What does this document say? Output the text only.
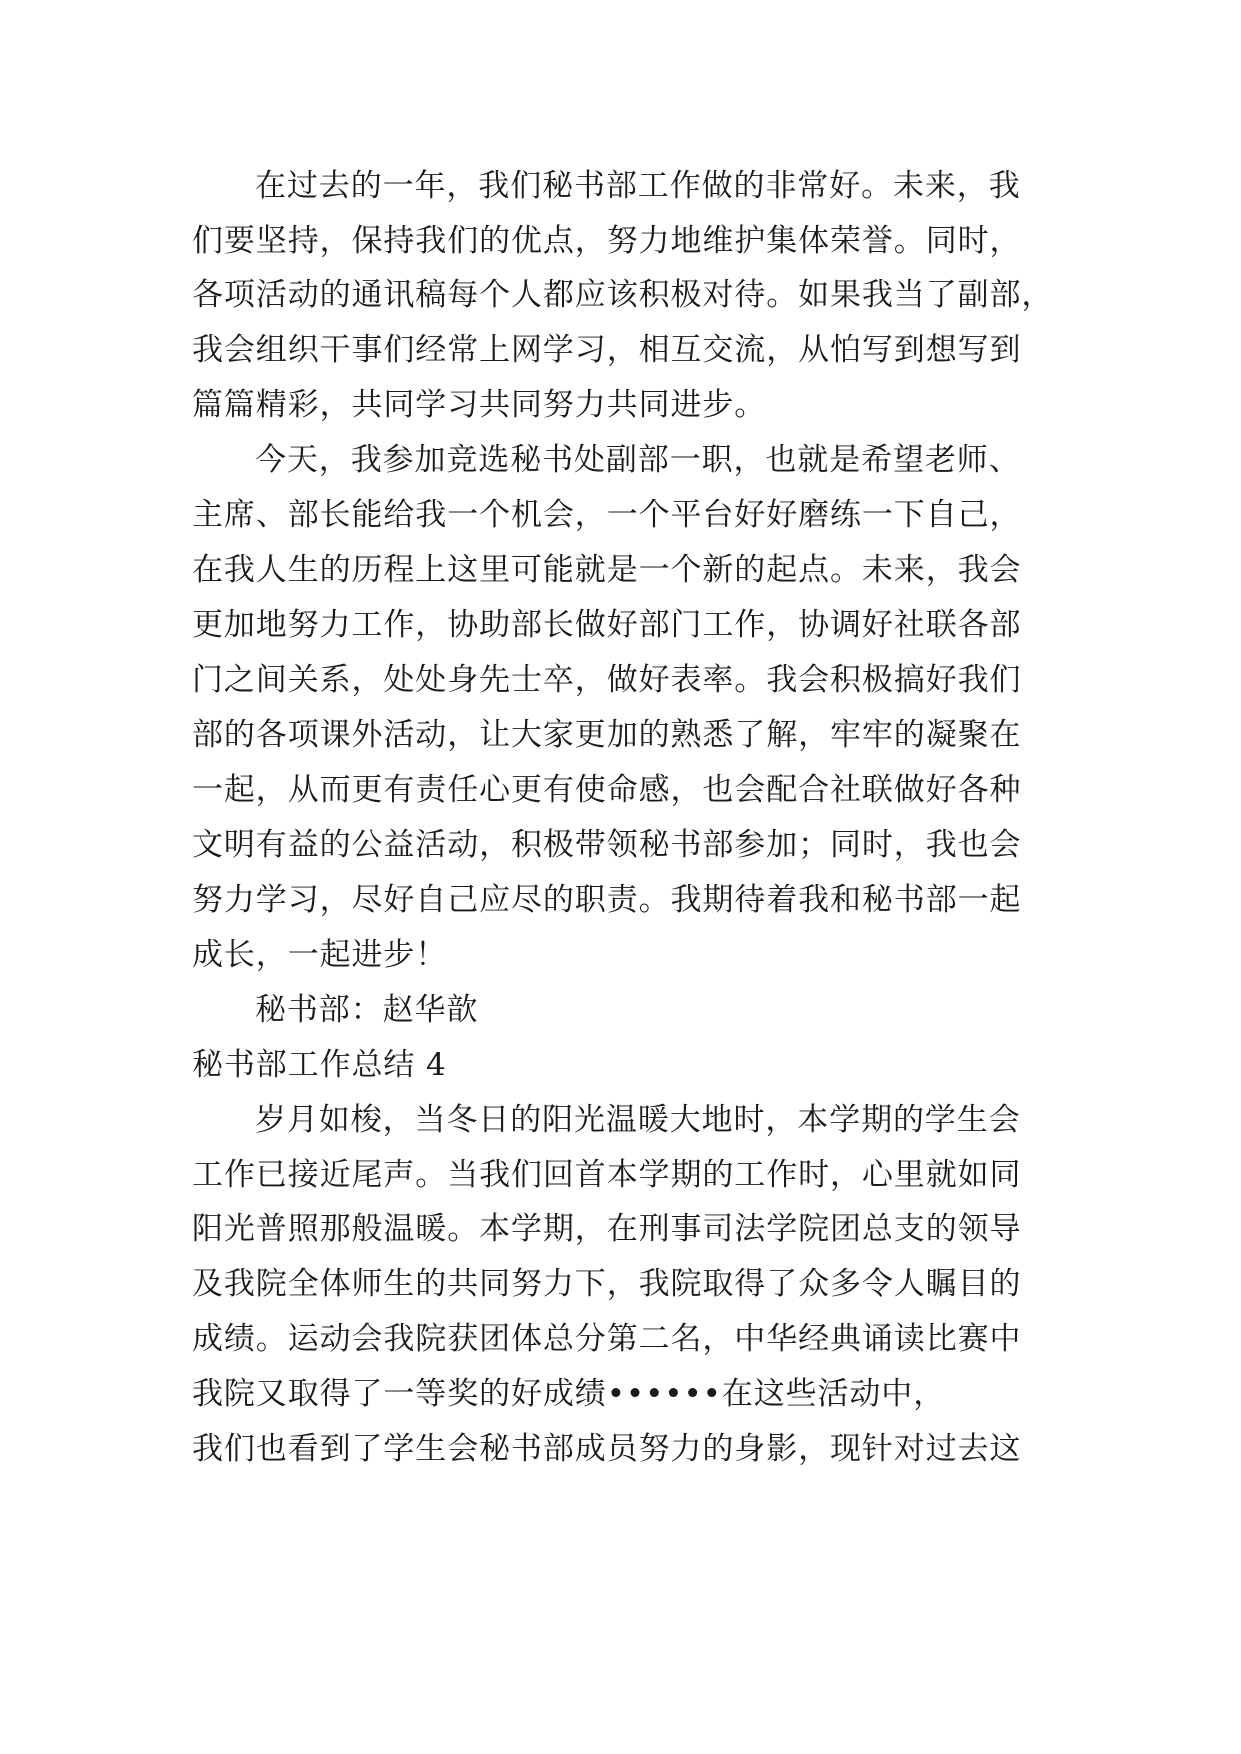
在过去的一年，我们秘书部工作做的非常好。未来，我
们要坚持，保持我们的优点，努力地维护集体荣誉。同时，
各项活动的通讯稿每个人都应该积极对待。如果我当了副部，
我会组织干事们经常上网学习，相互交流，从怕写到想写到
篇篇精彩，共同学习共同努力共同进步。
今天，我参加竞选秘书处副部一职，也就是希望老师、
主席、部长能给我一个机会，一个平台好好磨练一下自己，
在我人生的历程上这里可能就是一个新的起点。未来，我会
更加地努力工作，协助部长做好部门工作，协调好社联各部
门之间关系，处处身先士卒，做好表率。我会积极搞好我们
部的各项课外活动，让大家更加的熟悉了解，牢牢的凝聚在
一起，从而更有责任心更有使命感，也会配合社联做好各种
文明有益的公益活动，积极带领秘书部参加；同时，我也会
努力学习，尽好自己应尽的职责。我期待着我和秘书部一起
成长，一起进步！
秘书部：赵华歆
秘书部工作总结 4
岁月如梭，当冬日的阳光温暖大地时，本学期的学生会
工作已接近尾声。当我们回首本学期的工作时，心里就如同
阳光普照那般温暖。本学期，在刑事司法学院团总支的领导
及我院全体师生的共同努力下，我院取得了众多令人瞩目的
成绩。运动会我院获团体总分第二名，中华经典诵读比赛中
我院又取得了一等奖的好成绩••••••在这些活动中，
我们也看到了学生会秘书部成员努力的身影，现针对过去这
